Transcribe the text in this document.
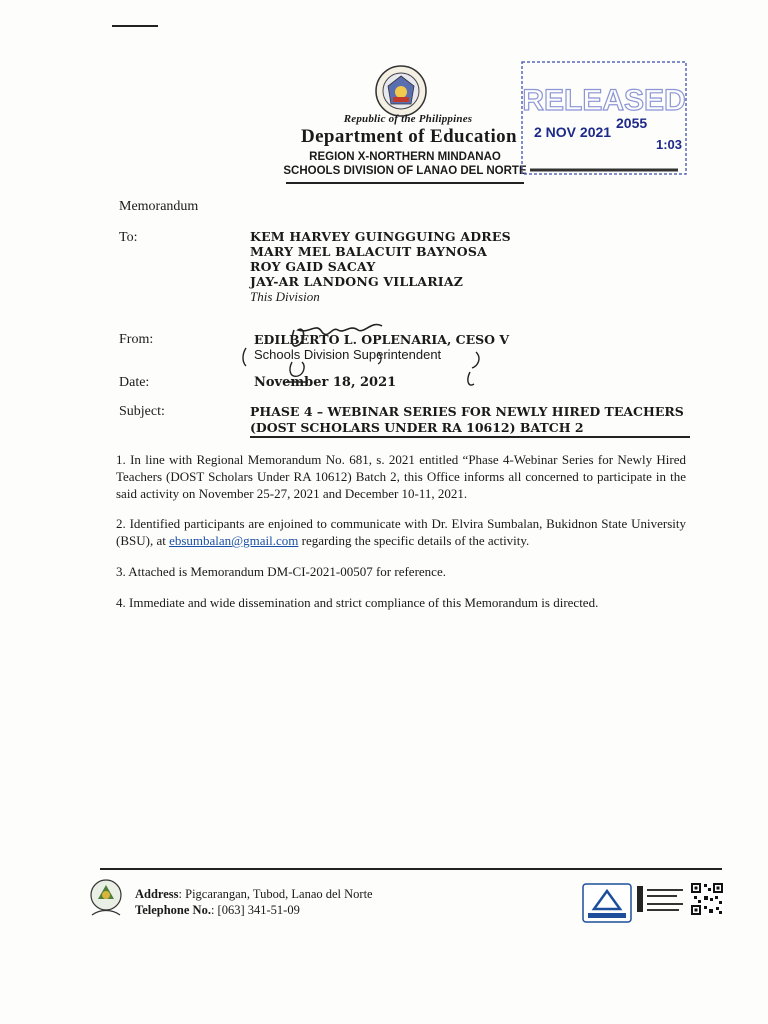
Republic of the Philippines
Department of Education
REGION X-NORTHERN MINDANAO
SCHOOLS DIVISION OF LANAO DEL NORTE
RELEASED
2 NOV 2021
2055
1:03
Memorandum
To:	KEM HARVEY GUINGGUING ADRES
MARY MEL BALACUIT BAYNOSA
ROY GAID SACAY
JAY-AR LANDONG VILLARIAZ
This Division
From:	EDILBERTO L. OPLENARIA, CESO V
Schools Division Superintendent
Date:	November 18, 2021
Subject:	PHASE 4 – WEBINAR SERIES FOR NEWLY HIRED TEACHERS
(DOST SCHOLARS UNDER RA 10612) BATCH 2
1. In line with Regional Memorandum No. 681, s. 2021 entitled “Phase 4-Webinar Series for Newly Hired Teachers (DOST Scholars Under RA 10612) Batch 2, this Office informs all concerned to participate in the said activity on November 25-27, 2021 and December 10-11, 2021.
2. Identified participants are enjoined to communicate with Dr. Elvira Sumbalan, Bukidnon State University (BSU), at ebsumbalan@gmail.com regarding the specific details of the activity.
3. Attached is Memorandum DM-CI-2021-00507 for reference.
4. Immediate and wide dissemination and strict compliance of this Memorandum is directed.
Address: Pigcarangan, Tubod, Lanao del Norte
Telephone No.: [063] 341-51-09
